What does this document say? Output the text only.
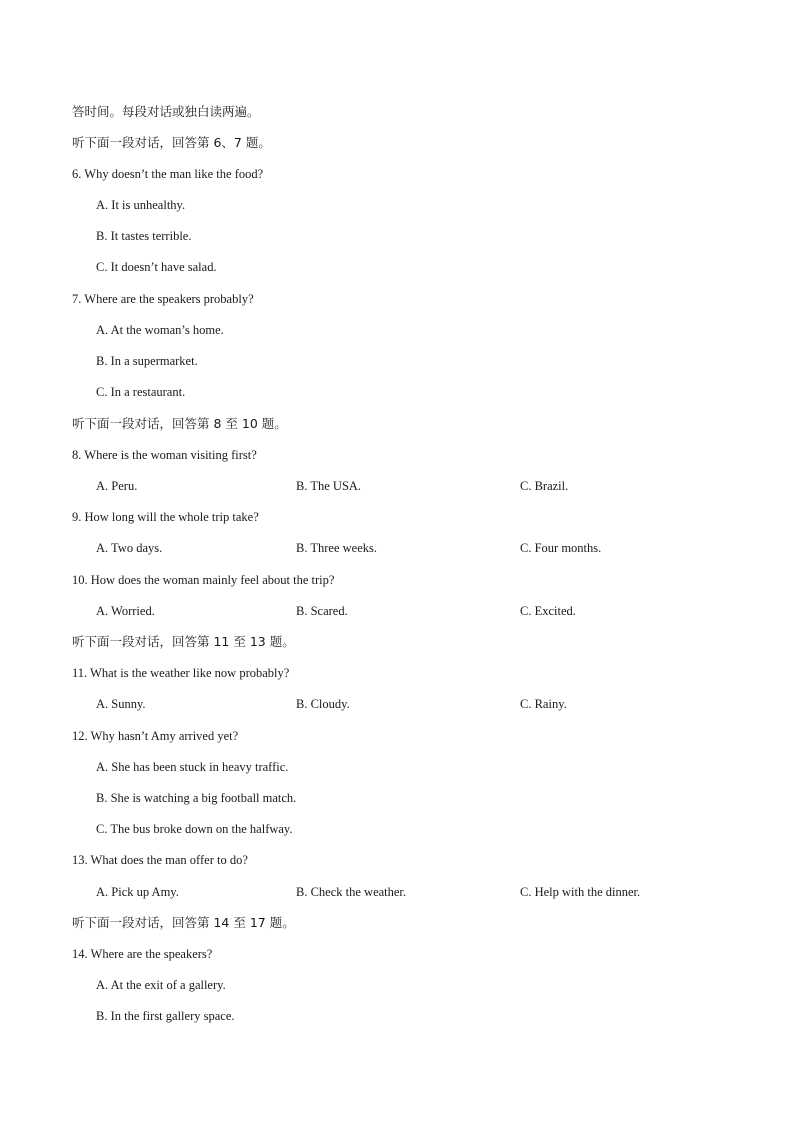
答时间。每段对话或独白读两遍。
听下面一段对话，回答第 6、7 题。
6. Why doesn’t the man like the food?
A. It is unhealthy.
B. It tastes terrible.
C. It doesn’t have salad.
7. Where are the speakers probably?
A. At the woman’s home.
B. In a supermarket.
C. In a restaurant.
听下面一段对话，回答第 8 至 10 题。
8. Where is the woman visiting first?
A. Peru.	B. The USA.	C. Brazil.
9. How long will the whole trip take?
A. Two days.	B. Three weeks.	C. Four months.
10. How does the woman mainly feel about the trip?
A. Worried.	B. Scared.	C. Excited.
听下面一段对话，回答第 11 至 13 题。
11. What is the weather like now probably?
A. Sunny.	B. Cloudy.	C. Rainy.
12. Why hasn’t Amy arrived yet?
A. She has been stuck in heavy traffic.
B. She is watching a big football match.
C. The bus broke down on the halfway.
13. What does the man offer to do?
A. Pick up Amy.	B. Check the weather.	C. Help with the dinner.
听下面一段对话，回答第 14 至 17 题。
14. Where are the speakers?
A. At the exit of a gallery.
B. In the first gallery space.
